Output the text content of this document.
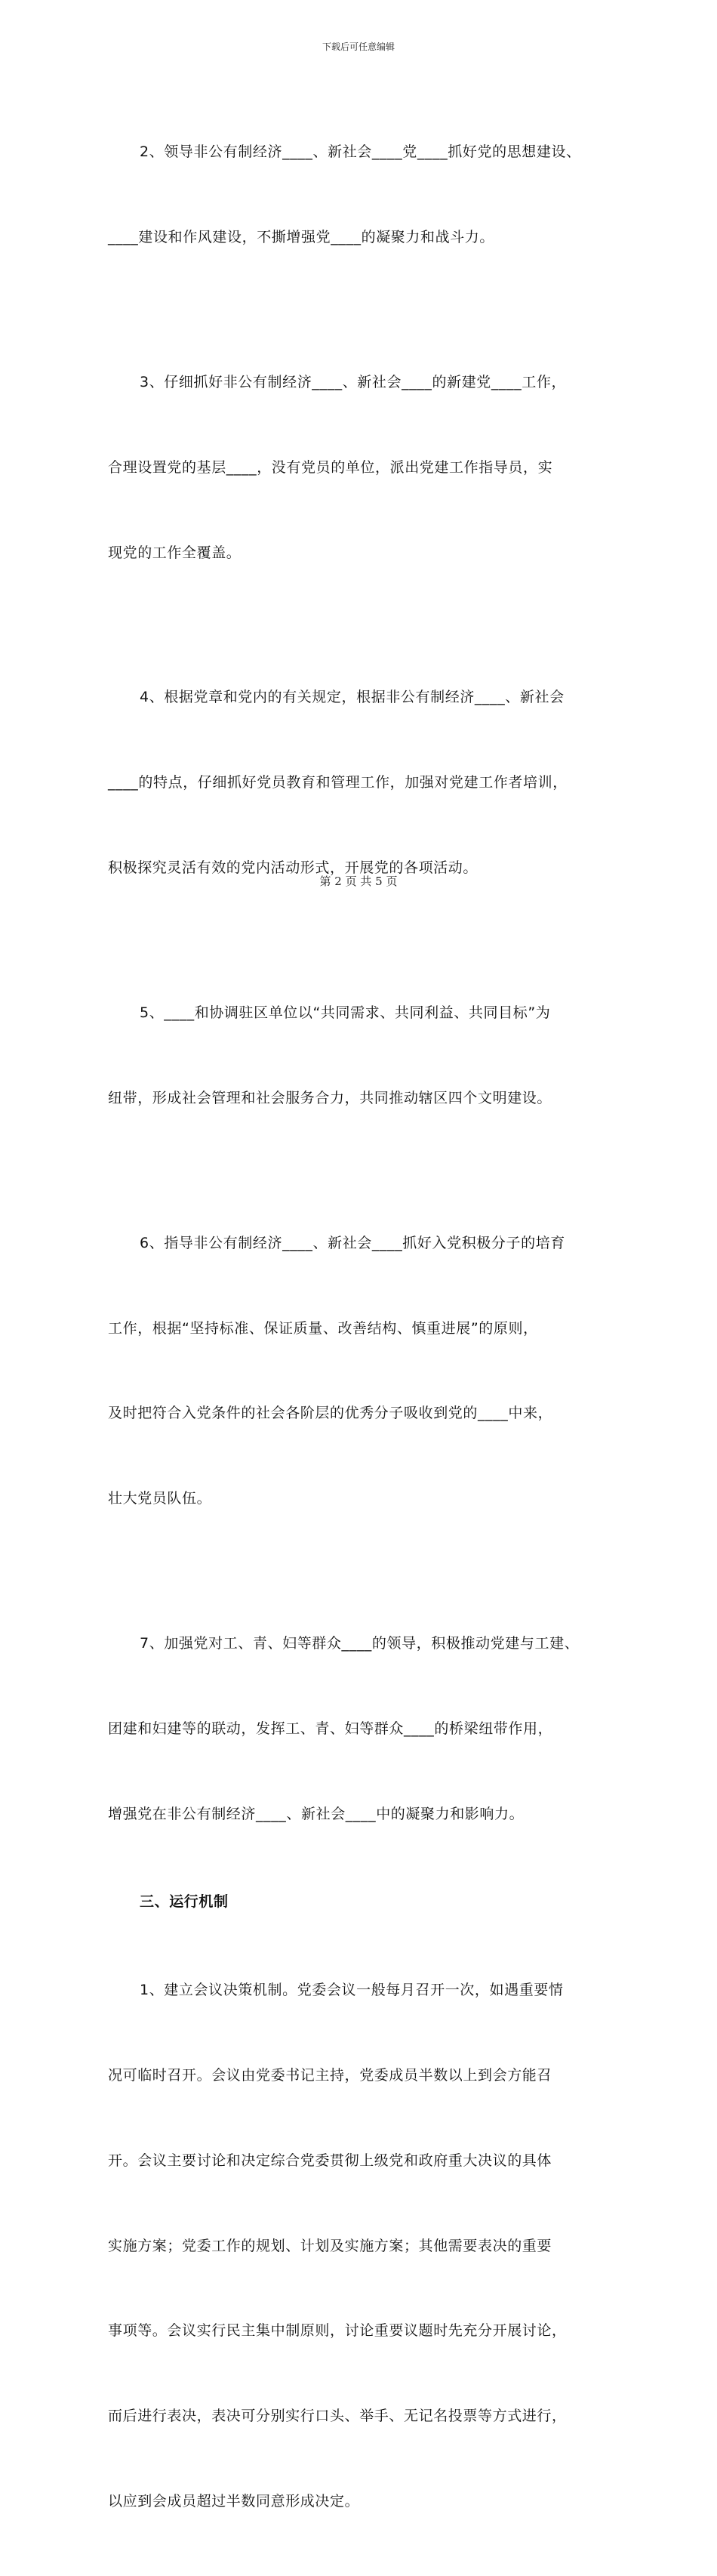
下载后可任意编辑

2、领导非公有制经济____、新社会____党____抓好党的思想建设、

____建设和作风建设，不撕增强党____的凝聚力和战斗力。

3、仔细抓好非公有制经济____、新社会____的新建党____工作，

合理设置党的基层____，没有党员的单位，派出党建工作指导员，实

现党的工作全覆盖。

4、根据党章和党内的有关规定，根据非公有制经济____、新社会

____的特点，仔细抓好党员教育和管理工作，加强对党建工作者培训，

积极探究灵活有效的党内活动形式，开展党的各项活动。

5、____和协调驻区单位以“共同需求、共同利益、共同目标”为

纽带，形成社会管理和社会服务合力，共同推动辖区四个文明建设。

6、指导非公有制经济____、新社会____抓好入党积极分子的培育

工作，根据“坚持标准、保证质量、改善结构、慎重进展”的原则，

及时把符合入党条件的社会各阶层的优秀分子吸收到党的____中来，

壮大党员队伍。

7、加强党对工、青、妇等群众____的领导，积极推动党建与工建、

团建和妇建等的联动，发挥工、青、妇等群众____的桥梁纽带作用，

增强党在非公有制经济____、新社会____中的凝聚力和影响力。

三、运行机制

1、建立会议决策机制。党委会议一般每月召开一次，如遇重要情

况可临时召开。会议由党委书记主持，党委成员半数以上到会方能召

开。会议主要讨论和决定综合党委贯彻上级党和政府重大决议的具体

实施方案；党委工作的规划、计划及实施方案；其他需要表决的重要

事项等。会议实行民主集中制原则，讨论重要议题时先充分开展讨论，

而后进行表决，表决可分别实行口头、举手、无记名投票等方式进行，

以应到会成员超过半数同意形成决定。

第 2 页 共 5 页
